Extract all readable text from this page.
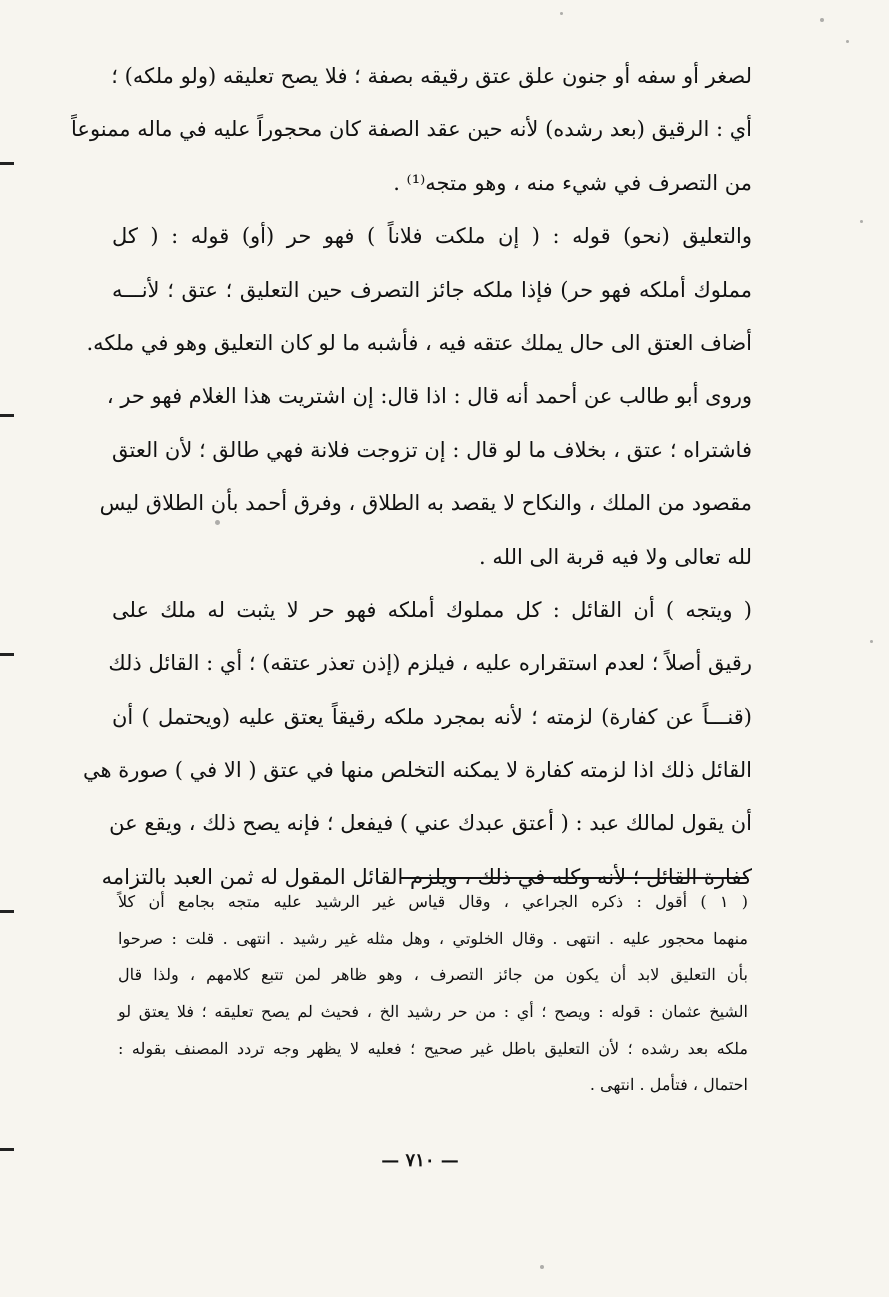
لصغر أو سفه أو جنون علق عتق رقيقه بصفة ؛ فلا يصح تعليقه (ولو ملكه) ؛
أي : الرقيق (بعد رشده) لأنه حين عقد الصفة كان محجوراً عليه في ماله ممنوعاً
من التصرف في شيء منه ، وهو متجه⁽¹⁾ .
والتعليق (نحو) قوله : ( إن ملكت فلاناً ) فهو حر (أو) قوله : ( كل
مملوك أملكه فهو حر) فإذا ملكه جائز التصرف حين التعليق ؛ عتق ؛ لأنـــه
أضاف العتق الى حال يملك عتقه فيه ، فأشبه ما لو كان التعليق وهو في ملكه.
وروى أبو طالب عن أحمد أنه قال : اذا قال: إن اشتريت هذا الغلام فهو حر ،
فاشتراه ؛ عتق ، بخلاف ما لو قال : إن تزوجت فلانة فهي طالق ؛ لأن العتق
مقصود من الملك ، والنكاح لا يقصد به الطلاق ، وفرق أحمد بأن الطلاق ليس
لله تعالى ولا فيه قربة الى الله .
( ويتجه ) أن القائل : كل مملوك أملكه فهو حر لا يثبت له ملك على
رقيق أصلاً ؛ لعدم استقراره عليه ، فيلزم (إذن تعذر عتقه) ؛ أي : القائل ذلك
(قنـــاً عن كفارة) لزمته ؛ لأنه بمجرد ملكه رقيقاً يعتق عليه (ويحتمل ) أن
القائل ذلك اذا لزمته كفارة لا يمكنه التخلص منها في عتق ( الا في ) صورة هي
أن يقول لمالك عبد : ( أعتق عبدك عني ) فيفعل ؛ فإنه يصح ذلك ، ويقع عن
كفارة القائل ؛ لأنه وكله في ذلك ، ويلزم القائل المقول له ثمن العبد بالتزامه
( ١ ) أقول : ذكره الجراعي ، وقال قياس غير الرشيد عليه متجه بجامع أن كلاً
منهما محجور عليه . انتهى . وقال الخلوتي ، وهل مثله غير رشيد . انتهى . قلت : صرحوا
بأن التعليق لابد أن يكون من جائز التصرف ، وهو ظاهر لمن تتبع كلامهم ، ولذا قال
الشيخ عثمان : قوله : ويصح ؛ أي : من حر رشيد الخ ، فحيث لم يصح تعليقه ؛ فلا يعتق لو
ملكه بعد رشده ؛ لأن التعليق باطل غير صحيح ؛ فعليه لا يظهر وجه تردد المصنف بقوله :
احتمال ، فتأمل . انتهى .
— ٧١٠ —
